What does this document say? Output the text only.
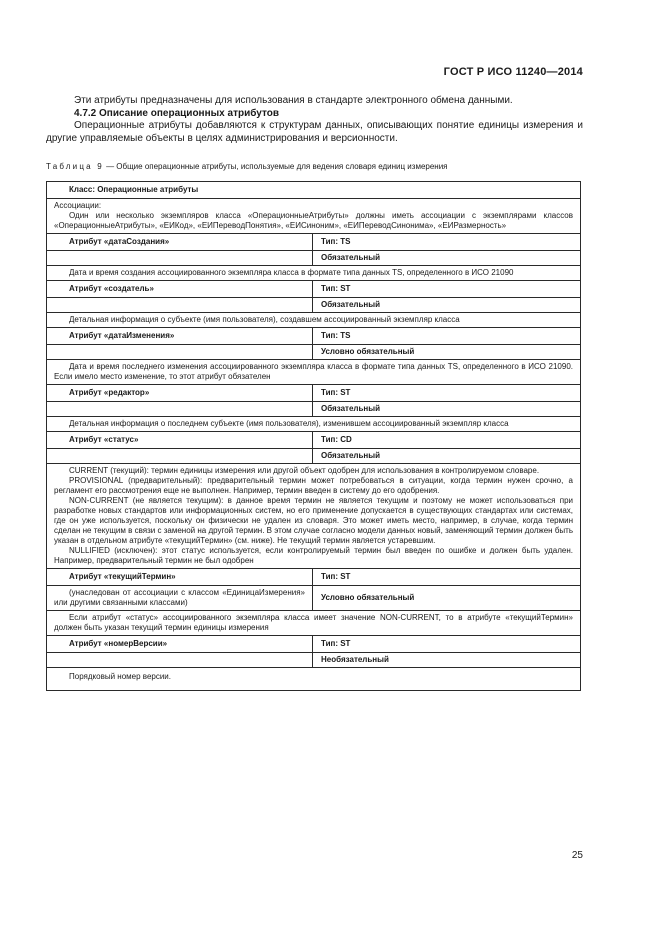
ГОСТ Р ИСО 11240—2014

Эти атрибуты предназначены для использования в стандарте электронного обмена данными.

4.7.2 Описание операционных атрибутов

Операционные атрибуты добавляются к структурам данных, описывающих понятие единицы измерения и другие управляемые объекты в целях администрирования и версионности.

Таблица 9 — Общие операционные атрибуты, используемые для ведения словаря единиц измерения
Класс: Операционные атрибуты	

Ассоциации:

Один или несколько экземпляров класса «ОперационныеАтрибуты» должны иметь ассоциации с экземплярами классов «ОперационныеАтрибуты», «ЕИКод», «ЕИПереводПонятия», «ЕИСиноним», «ЕИПереводСинонима», «ЕИРазмерность»	

Атрибут «датаСоздания»	Тип: TS
	Обязательный
Дата и время создания ассоциированного экземпляра класса в формате типа данных TS, определенного в ИСО 21090	
Атрибут «создатель»	Тип: ST
	Обязательный
Детальная информация о субъекте (имя пользователя), создавшем ассоциированный экземпляр класса	
Атрибут «датаИзменения»	Тип: TS
	Условно обязательный
Дата и время последнего изменения ассоциированного экземпляра класса в формате типа данных TS, определенного в ИСО 21090. Если имело место изменение, то этот атрибут обязателен	
Атрибут «редактор»	Тип: ST
	Обязательный
Детальная информация о последнем субъекте (имя пользователя), изменившем ассоциированный экземпляр класса	
Атрибут «статус»	Тип: CD
	Обязательный

CURRENT (текущий): термин единицы измерения или другой объект одобрен для использования в контролируемом словаре.

PROVISIONAL (предварительный): предварительный термин может потребоваться в ситуации, когда термин нужен срочно, а регламент его рассмотрения еще не выполнен. Например, термин введен в систему до его одобрения.

NON-CURRENT (не является текущим): в данное время термин не является текущим и поэтому не может использоваться при разработке новых стандартов или информационных систем, но его применение допускается в существующих стандартах или системах, где он уже используется, поскольку он физически не удален из словаря. Это может иметь место, например, в случае, когда термин сделан не текущим в связи с заменой на другой термин. В этом случае согласно модели данных новый, заменяющий термин должен быть указан в отдельном атрибуте «текущийТермин» (см. ниже). Не текущий термин является устаревшим.

NULLIFIED (исключен): этот статус используется, если контролируемый термин был введен по ошибке и должен быть удален. Например, предварительный термин не был одобрен	

Атрибут «текущийТермин»	Тип: ST
(унаследован от ассоциации с классом «ЕдиницаИзмерения» или другими связанными классами)	Условно обязательный
Если атрибут «статус» ассоциированного экземпляра класса имеет значение NON-CURRENT, то в атрибуте «текущийТермин» должен быть указан текущий термин единицы измерения	
Атрибут «номерВерсии»	Тип: ST
	Необязательный
Порядковый номер версии.	
25
